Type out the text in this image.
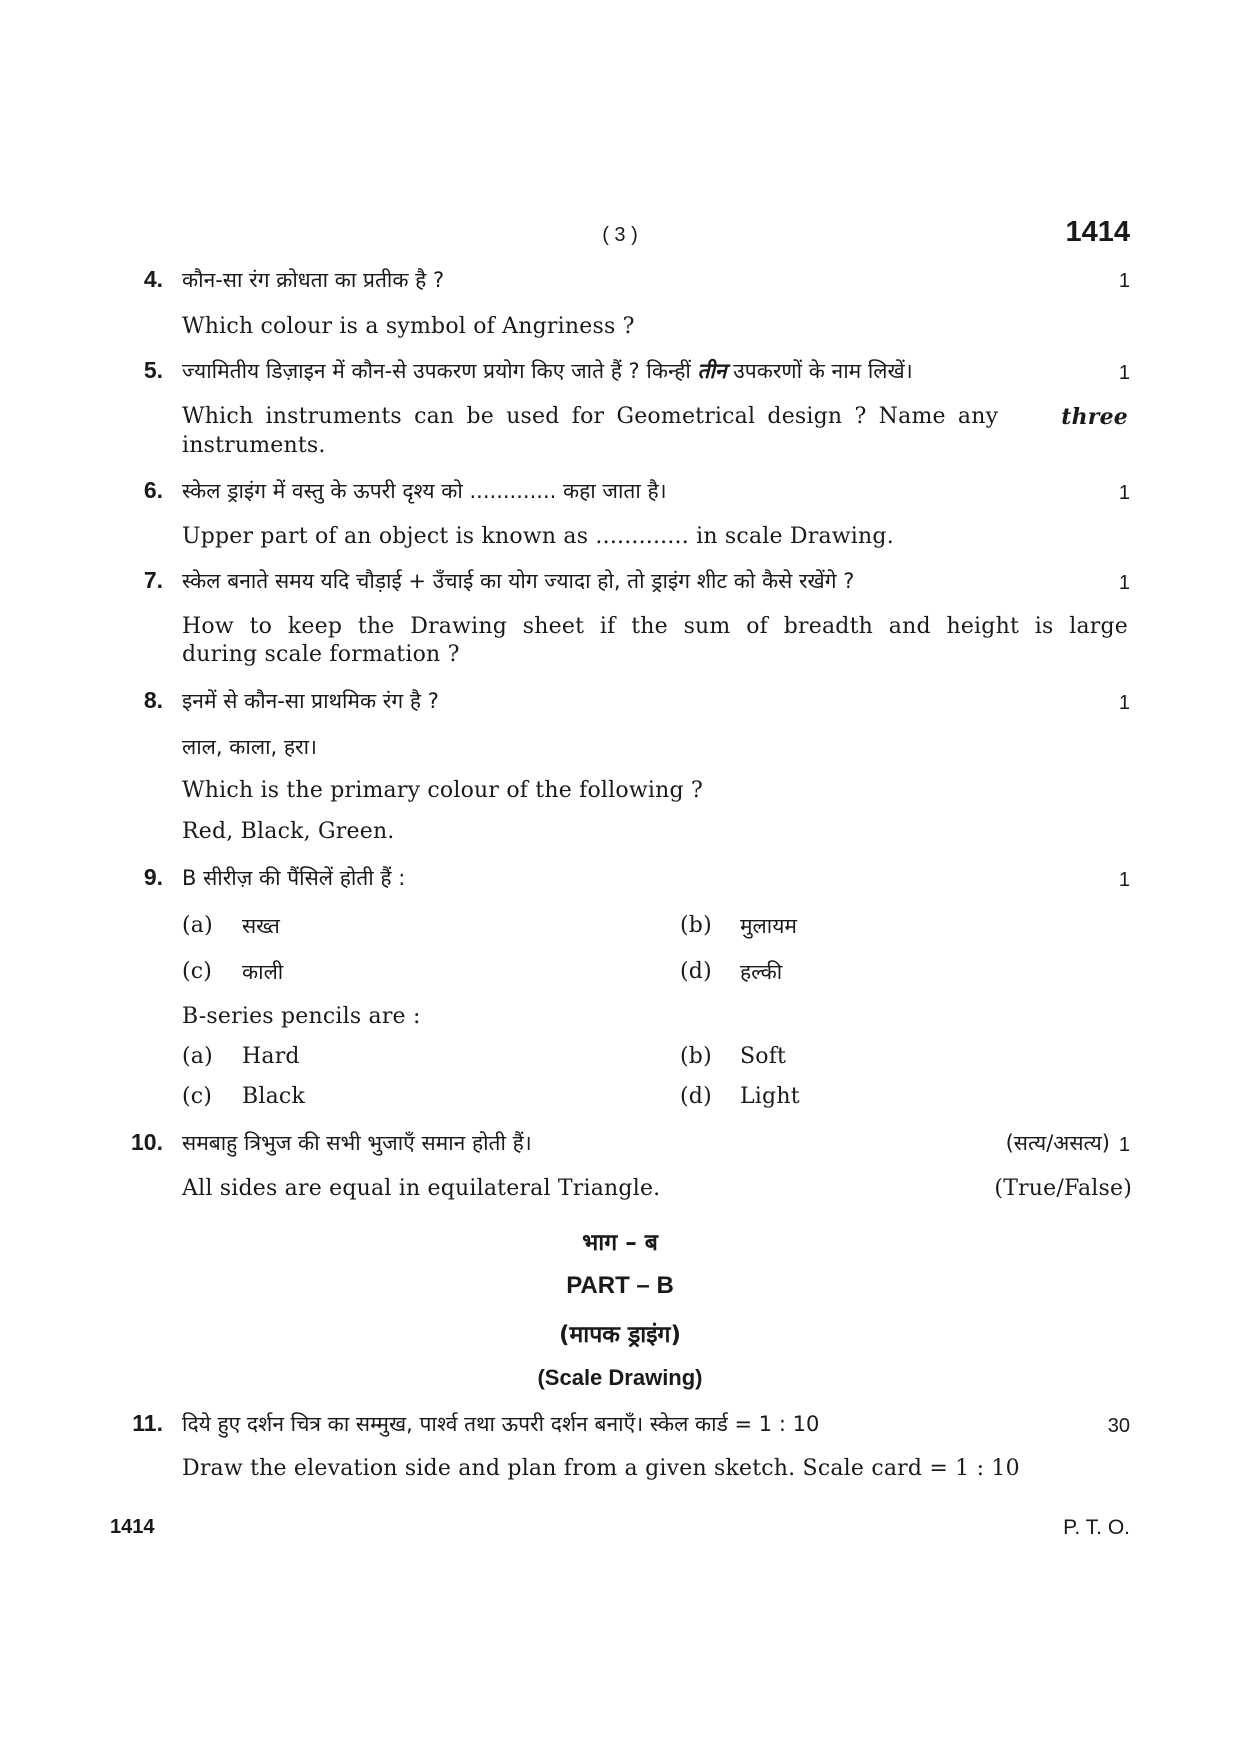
( 3 )	1414
4. कौन-सा रंग क्रोधता का प्रतीक है ?	1
Which colour is a symbol of Angriness ?
5. ज्यामितीय डिज़ाइन में कौन-से उपकरण प्रयोग किए जाते हैं ? किन्हीं तीन उपकरणों के नाम लिखें।	1
Which instruments can be used for Geometrical design ? Name any	three
instruments.
6. स्केल ड्राइंग में वस्तु के ऊपरी दृश्य को ............. कहा जाता है।	1
Upper part of an object is known as ............. in scale Drawing.
7. स्केल बनाते समय यदि चौड़ाई + उँचाई का योग ज्यादा हो, तो ड्राइंग शीट को कैसे रखेंगे ?	1
How to keep the Drawing sheet if the sum of breadth and height is large
during scale formation ?
8. इनमें से कौन-सा प्राथमिक रंग है ?	1
लाल, काला, हरा।
Which is the primary colour of the following ?
Red, Black, Green.
9. B सीरीज़ की पैंसिलें होती हैं :	1
(a) सख्त	(b) मुलायम
(c) काली	(d) हल्की
B-series pencils are :
(a) Hard	(b) Soft
(c) Black	(d) Light
10. समबाहु त्रिभुज की सभी भुजाएँ समान होती हैं।	(सत्य/असत्य) 1
All sides are equal in equilateral Triangle.	(True/False)
भाग – ब
PART – B
(मापक ड्राइंग)
(Scale Drawing)
11. दिये हुए दर्शन चित्र का सम्मुख, पार्श्व तथा ऊपरी दर्शन बनाएँ। स्केल कार्ड = 1 : 10	30
Draw the elevation side and plan from a given sketch. Scale card = 1 : 10
1414	P. T. O.
